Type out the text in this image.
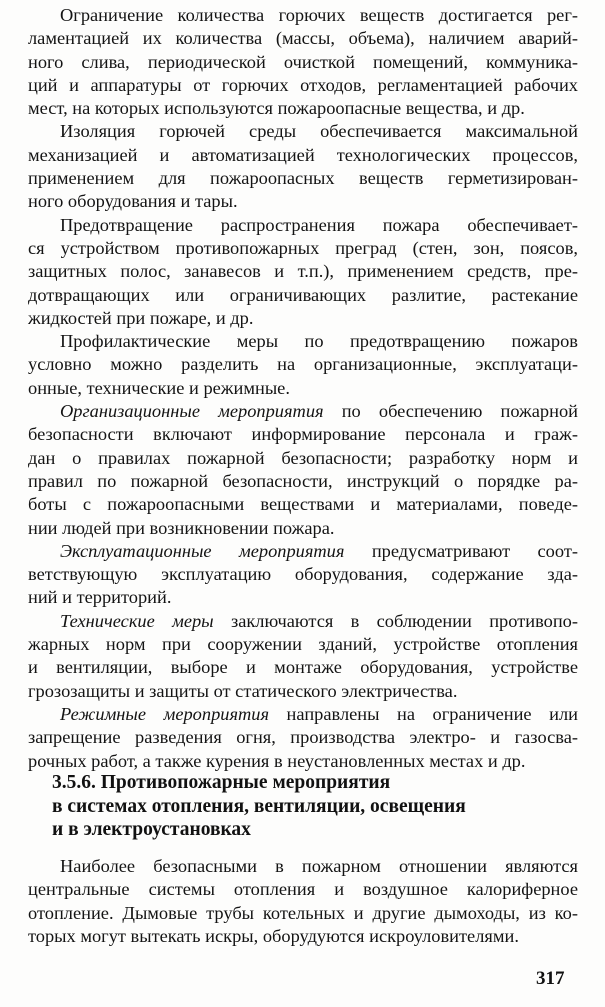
Ограничение количества горючих веществ достигается рег-
ламентацией их количества (массы, объема), наличием аварий-
ного слива, периодической очисткой помещений, коммуника-
ций и аппаратуры от горючих отходов, регламентацией рабочих
мест, на которых используются пожароопасные вещества, и др.

Изоляция горючей среды обеспечивается максимальной
механизацией и автоматизацией технологических процессов,
применением для пожароопасных веществ герметизирован-
ного оборудования и тары.

Предотвращение распространения пожара обеспечивает-
ся устройством противопожарных преград (стен, зон, поясов,
защитных полос, занавесов и т.п.), применением средств, пре-
дотвращающих или ограничивающих разлитие, растекание
жидкостей при пожаре, и др.

Профилактические меры по предотвращению пожаров
условно можно разделить на организационные, эксплуатаци-
онные, технические и режимные.

Организационные мероприятия по обеспечению пожарной
безопасности включают информирование персонала и граж-
дан о правилах пожарной безопасности; разработку норм и
правил по пожарной безопасности, инструкций о порядке ра-
боты с пожароопасными веществами и материалами, поведе-
нии людей при возникновении пожара.

Эксплуатационные мероприятия предусматривают соот-
ветствующую эксплуатацию оборудования, содержание зда-
ний и территорий.

Технические меры заключаются в соблюдении противопо-
жарных норм при сооружении зданий, устройстве отопления
и вентиляции, выборе и монтаже оборудования, устройстве
грозозащиты и защиты от статического электричества.

Режимные мероприятия направлены на ограничение или
запрещение разведения огня, производства электро- и газосва-
рочных работ, а также курения в неустановленных местах и др.

3.5.6. Противопожарные мероприятия
в системах отопления, вентиляции, освещения
и в электроустановках

Наиболее безопасными в пожарном отношении являются
центральные системы отопления и воздушное калориферное
отопление. Дымовые трубы котельных и другие дымоходы, из ко-
торых могут вытекать искры, оборудуются искроуловителями.

317
